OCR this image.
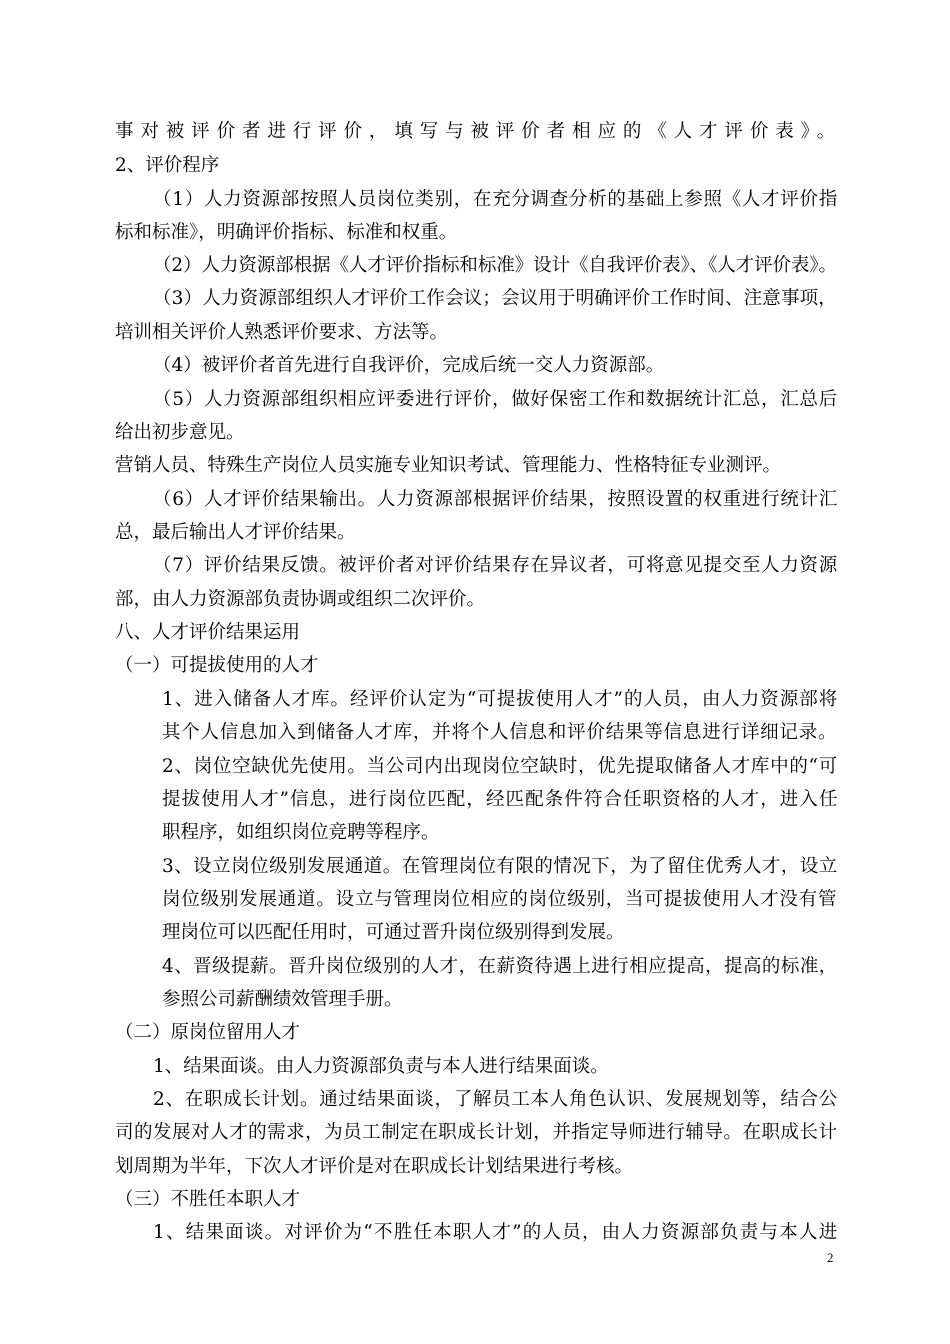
事对被评价者进行评价，填写与被评价者相应的《人才评价表》。
2、评价程序
（1）人力资源部按照人员岗位类别，在充分调查分析的基础上参照《人才评价指
标和标准》，明确评价指标、标准和权重。
（2）人力资源部根据《人才评价指标和标准》设计《自我评价表》、《人才评价表》。
（3）人力资源部组织人才评价工作会议；会议用于明确评价工作时间、注意事项，
培训相关评价人熟悉评价要求、方法等。
（4）被评价者首先进行自我评价，完成后统一交人力资源部。
（5）人力资源部组织相应评委进行评价，做好保密工作和数据统计汇总，汇总后
给出初步意见。
营销人员、特殊生产岗位人员实施专业知识考试、管理能力、性格特征专业测评。
（6）人才评价结果输出。人力资源部根据评价结果，按照设置的权重进行统计汇
总，最后输出人才评价结果。
（7）评价结果反馈。被评价者对评价结果存在异议者，可将意见提交至人力资源
部，由人力资源部负责协调或组织二次评价。
八、人才评价结果运用
（一）可提拔使用的人才
1、进入储备人才库。经评价认定为“可提拔使用人才”的人员，由人力资源部将
其个人信息加入到储备人才库，并将个人信息和评价结果等信息进行详细记录。
2、岗位空缺优先使用。当公司内出现岗位空缺时，优先提取储备人才库中的“可
提拔使用人才”信息，进行岗位匹配，经匹配条件符合任职资格的人才，进入任
职程序，如组织岗位竞聘等程序。
3、设立岗位级别发展通道。在管理岗位有限的情况下，为了留住优秀人才，设立
岗位级别发展通道。设立与管理岗位相应的岗位级别，当可提拔使用人才没有管
理岗位可以匹配任用时，可通过晋升岗位级别得到发展。
4、晋级提薪。晋升岗位级别的人才，在薪资待遇上进行相应提高，提高的标准，
参照公司薪酬绩效管理手册。
（二）原岗位留用人才
1、结果面谈。由人力资源部负责与本人进行结果面谈。
2、在职成长计划。通过结果面谈，了解员工本人角色认识、发展规划等，结合公
司的发展对人才的需求，为员工制定在职成长计划，并指定导师进行辅导。在职成长计
划周期为半年，下次人才评价是对在职成长计划结果进行考核。
（三）不胜任本职人才
1、结果面谈。对评价为“不胜任本职人才”的人员，由人力资源部负责与本人进
2
